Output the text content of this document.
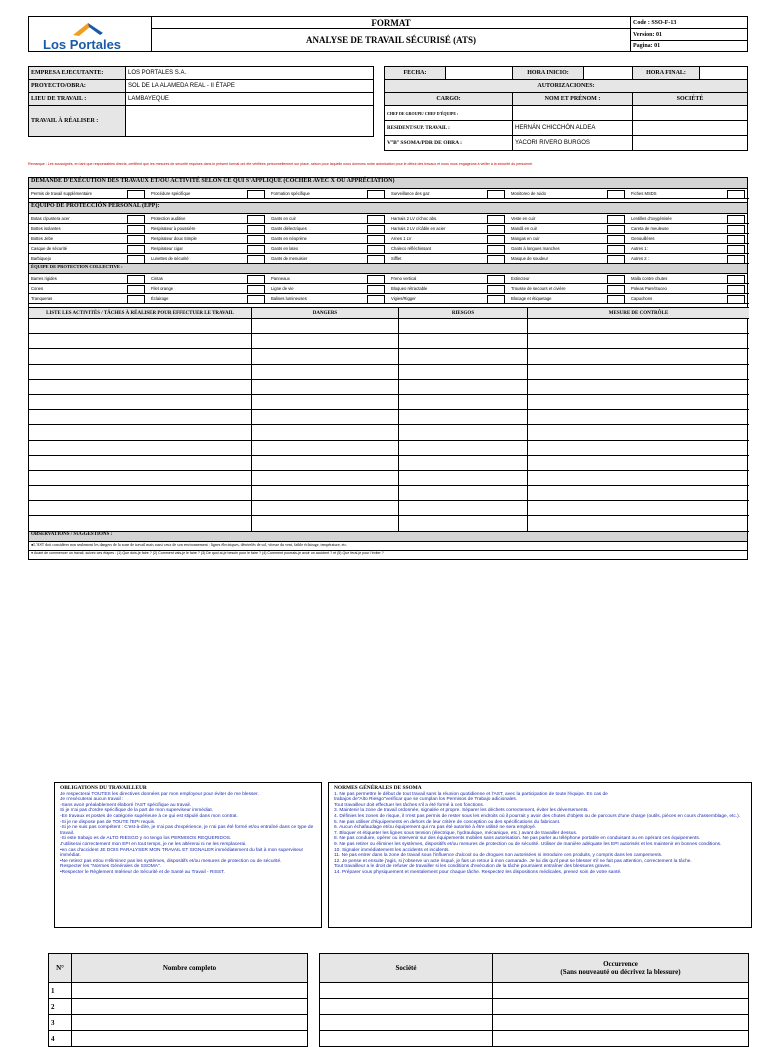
Los Portales	FORMAT	Code : SSO-F-13
	ANALYSE DE TRAVAIL SÉCURISÉ (ATS)	Version: 01
		Pagina: 01
EMPRESA EJECUTANTE:	LOS PORTALES S.A.
PROYECTO/OBRA:	SOL DE LA ALAMEDA REAL - II ÉTAPE
LIEU DE TRAVAIL :	LAMBAYEQUE
TRAVAIL À RÉALISER :	
FECHA:		HORA INICIO:		HORA FINAL:	
AUTORIZACIONES:					
CARGO:		NOM ET PRÉNOM :		SOCIÉTÉ	
CHEF DE GROUPE/ CHEF D'ÉQUIPE :					
RESIDENT/SUP. TRAVAIL :		HERNÁN CHICCHÓN ALDEA			
V°B° SSOMA/PDR DE OBRA :		YACORI RIVERO BURGOS			
Remarque : Les soussignés, en tant que responsables directs, certifient que les mesures de sécurité requises dans le présent format ont été vérifiées personnellement sur place, raison pour laquelle nous donnons notre autorisation pour le début des travaux et nous nous engageons à veiller à la sécurité du personnel.
DEMANDE D'EXÉCUTION DES TRAVAUX ET/OU ACTIVITÉ SELON CE QUI S'APPLIQUE (COCHER AVEC X OU APPRÉCIATION)
Permis de travail supplémentaire	Procédure spécifique	Formation spécifique	Surveillance des gaz	Monitoreo de ruido	Fiches MSDS
EQUIPO DE PROTECCIÓN PERSONAL (EPP):
Botas c/puntera acer	Protection auditive	Gants en cuir	Harnais 2 LV c/choc abs.	Veste en cuir	Lentilles d'oxygénisée

Bottes isolantes	Respirateur à poussière	Gants diélectriques	Harnais 2 LV c/câble en acier	Mandil en cuir	Careta de meuleuse

Bottes Jebe	Respirateur doux Simple	Gants en néoprène	Arnes 1 LV	Mangas en cuir	Genouillères

Casque de sécurité	Respirateur cigar	Gants en latex	Chaleco réfléchissant	Gants à longues manches	Autres 1:

Barbiquejo	Lunettes de sécurité	Gants de menuisier	Sifflet	Masque de soudeur	Autres 2 :
ÉQUIPE DE PROTECTION COLLECTIVE :
Barres rigides	Cintas	Panneaux	Freno vertical	Extincteur	Malla contre chutes

Cones	Filet orange	Ligne de vie	Bloqueo rétractable	Trousse de secours et civière	Poleas Pare/Suceo

Tranqueras	Éclairage	Balises lumineuses	Vigies/Rigger	Blocage et étiquetage	Capuchons
LISTE LES ACTIVITÉS / TÂCHES À RÉALISER POUR EFFECTUER LE TRAVAIL	DANGERS	RIESGOS	MESURE DE CONTRÔLE

OBSERVATIONS / SUGGESTIONS :
●L'AST doit considérer non seulement les dangers de la zone de travail mais aussi ceux de son environnement : lignes électriques, dénivelés de sol, vitesse du vent, faible éclairage, température, etc.
● Avant de commencer un travail, suivez ces étapes : (1) Que dois-je faire ? (2) Comment vais-je le faire ? (3) De quoi ai-je besoin pour le faire ? (4) Comment pourrais-je avoir un accident ? et (5) Que ferai-je pour l'éviter ?
OBLIGATIONS DU TRAVAILLEUR
Je respecterai TOUTES les directives données par mon employeur pour éviter de me blesser.
Je n'exécuterai aucun travail :
-Sans avoir préalablement élaboré l'AST spécifique au travail.
Si je n'ai pas d'ordre spécifique de la part de mon superviseur immédiat.
-En travaux et postes de catégorie supérieure à ce qui est stipulé dans mon contrat.
-Si je ne dispose pas de TOUTE l'EPI requis.
-Si je ne suis pas compétent : C'est-à-dire, je n'ai pas d'expérience, je n'ai pas été formé et/ou entraîné dans ce type de travail.
-Si este trabajo es de ALTO RIESGO y no tengo los PERMISOS REQUERIDOS.
J'utiliserai correctement mon EPI en tout temps, je ne les altérerai ni ne les remplacerai.
•en cas d'accident JE DOIS PARALYSER MON TRAVAIL ET SIGNALER immédiatement du fait à mon superviseur immédiat.
•Ne retirez pas et/ou n'éliminez pas les systèmes, dispositifs et/ou mesures de protection ou de sécurité.
Respecter les "Normes Générales de SSOMA".
•Respecter le Règlement Intérieur de Sécurité et de Santé au Travail - RISST.
NORMES GÉNÉRALES DE SSOMA
1. Ne pas permettre le début de tout travail sans la réunion quotidienne et l'AST, avec la participation de toute l'équipe. En cas de
trabajos de"Alto Riesgo"verificar que se cumplan los Permisos de Trabajo adicionales.
Tout travailleur doit effectuer les tâches s'il a été formé à ces fonctions.
3. Maintenir la zone de travail ordonnée, signalée et propre. Séparer les déchets correctement, éviter les déversements.
4. Définies les zones de risque, il n'est pas permis de rester sous les endroits où il pourrait y avoir des chutes d'objets ou de parcours d'une charge (outils, pièces en cours d'assemblage, etc.).
5. Ne pas utiliser d'équipements en dehors de leur critère de conception ou des spécifications du fabricant.
6. Aucun échafaudage et/ou équipement qui n'a pas été autorisé à être utilisé ne sera employé.
7. Bloquer et étiqueter les lignes sous tension (électrique, hydraulique, mécanique, etc.) avant de travailler dessus.
8. Ne pas conduire, opérer ou intervenir sur des équipements mobiles sans autorisation. Ne pas parler au téléphone portable en conduisant ou en opérant ces équipements.
9. Ne pas retirer ou éliminer les systèmes, dispositifs et/ou mesures de protection ou de sécurité. Utiliser de manière adéquate les EPI autorisés et les maintenir en bonnes conditions.
10. Signaler immédiatement les accidents et incidents.
11. Ne pas entrer dans la zone de travail sous l'influence d'alcool ou de drogues non autorisées ni introduire ces produits, y compris dans les campements.
12. Je pense et ensuite j'agis, si j'observe un acte risqué, je fais un retour à mon camarade. Je lui dis qu'il peut se blesser s'il ne fait pas attention, correctement la tâche.
Tout travailleur a le droit de refuser de travailler si les conditions d'exécution de la tâche pourraient entraîner des blessures graves.
14. Préparer vous physiquement et mentalement pour chaque tâche. Respectez les dispositions médicales, prenez soin de votre santé.
N°	Nombre completo
1	
2	
3	
4	
Société	Occurrence
(Sans nouveauté ou décrivez la blessure)
